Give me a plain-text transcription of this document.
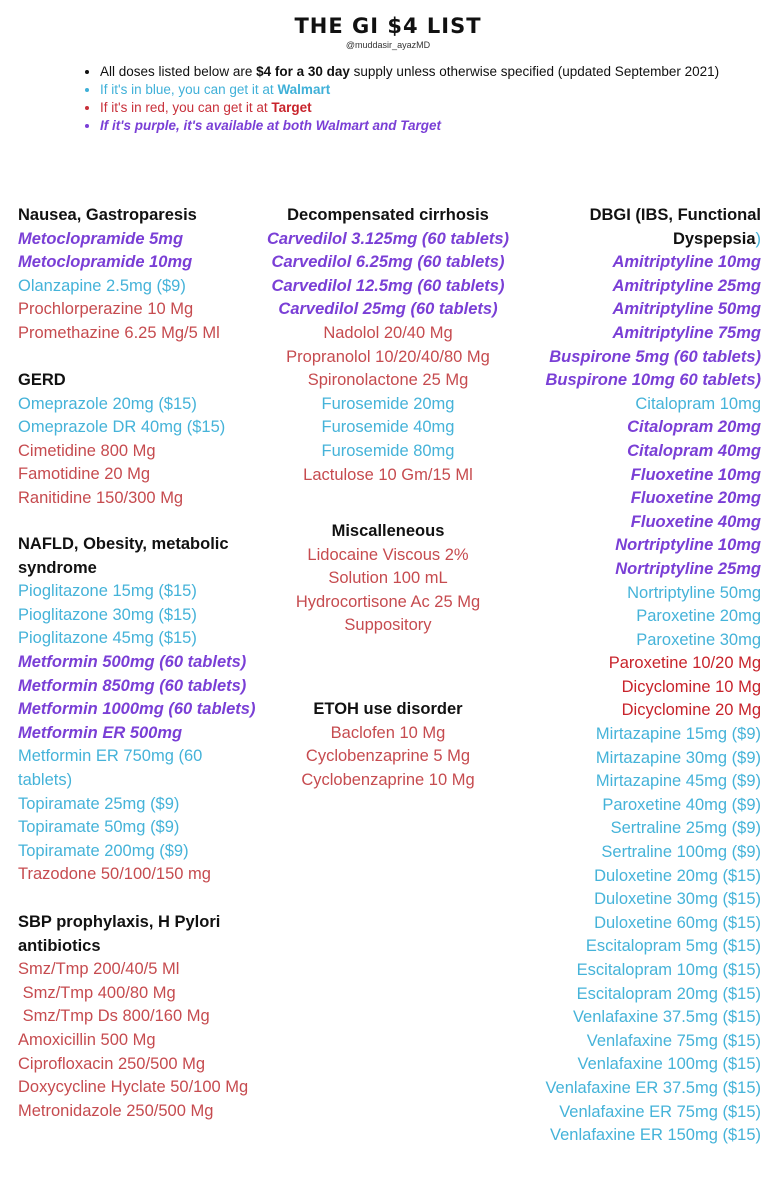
THE GI $4 LIST
@muddasir_ayazMD
• All doses listed below are $4 for a 30 day supply unless otherwise specified (updated September 2021)
• If it's in blue, you can get it at Walmart
• If it's in red, you can get it at Target
• If it's purple, it's available at both Walmart and Target
Nausea, Gastroparesis
Metoclopramide 5mg
Metoclopramide 10mg
Olanzapine 2.5mg ($9)
Prochlorperazine 10 Mg
Promethazine 6.25 Mg/5 Ml
GERD
Omeprazole 20mg ($15)
Omeprazole DR 40mg ($15)
Cimetidine 800 Mg
Famotidine 20 Mg
Ranitidine 150/300 Mg
NAFLD, Obesity, metabolic
syndrome
Pioglitazone 15mg ($15)
Pioglitazone 30mg ($15)
Pioglitazone 45mg ($15)
Metformin 500mg (60 tablets)
Metformin 850mg (60 tablets)
Metformin 1000mg (60 tablets)
Metformin ER 500mg
Metformin ER 750mg (60
tablets)
Topiramate 25mg ($9)
Topiramate 50mg ($9)
Topiramate 200mg ($9)
Trazodone 50/100/150 mg
SBP prophylaxis, H Pylori
antibiotics
Smz/Tmp 200/40/5 Ml
Smz/Tmp 400/80 Mg
Smz/Tmp Ds 800/160 Mg
Amoxicillin 500 Mg
Ciprofloxacin 250/500 Mg
Doxycycline Hyclate 50/100 Mg
Metronidazole 250/500 Mg
Decompensated cirrhosis
Carvedilol 3.125mg (60 tablets)
Carvedilol 6.25mg (60 tablets)
Carvedilol 12.5mg (60 tablets)
Carvedilol 25mg (60 tablets)
Nadolol 20/40 Mg
Propranolol 10/20/40/80 Mg
Spironolactone 25 Mg
Furosemide 20mg
Furosemide 40mg
Furosemide 80mg
Lactulose 10 Gm/15 Ml
Miscalleneous
Lidocaine Viscous 2%
Solution 100 mL
Hydrocortisone Ac 25 Mg
Suppository
ETOH use disorder
Baclofen 10 Mg
Cyclobenzaprine 5 Mg
Cyclobenzaprine 10 Mg
DBGI (IBS, Functional
Dyspepsia)
Amitriptyline 10mg
Amitriptyline 25mg
Amitriptyline 50mg
Amitriptyline 75mg
Buspirone 5mg (60 tablets)
Buspirone 10mg 60 tablets)
Citalopram 10mg
Citalopram 20mg
Citalopram 40mg
Fluoxetine 10mg
Fluoxetine 20mg
Fluoxetine 40mg
Nortriptyline 10mg
Nortriptyline 25mg
Nortriptyline 50mg
Paroxetine 20mg
Paroxetine 30mg
Paroxetine 10/20 Mg
Dicyclomine 10 Mg
Dicyclomine 20 Mg
Mirtazapine 15mg ($9)
Mirtazapine 30mg ($9)
Mirtazapine 45mg ($9)
Paroxetine 40mg ($9)
Sertraline 25mg ($9)
Sertraline 100mg ($9)
Duloxetine 20mg ($15)
Duloxetine 30mg ($15)
Duloxetine 60mg ($15)
Escitalopram 5mg ($15)
Escitalopram 10mg ($15)
Escitalopram 20mg ($15)
Venlafaxine 37.5mg ($15)
Venlafaxine 75mg ($15)
Venlafaxine 100mg ($15)
Venlafaxine ER 37.5mg ($15)
Venlafaxine ER 75mg ($15)
Venlafaxine ER 150mg ($15)
